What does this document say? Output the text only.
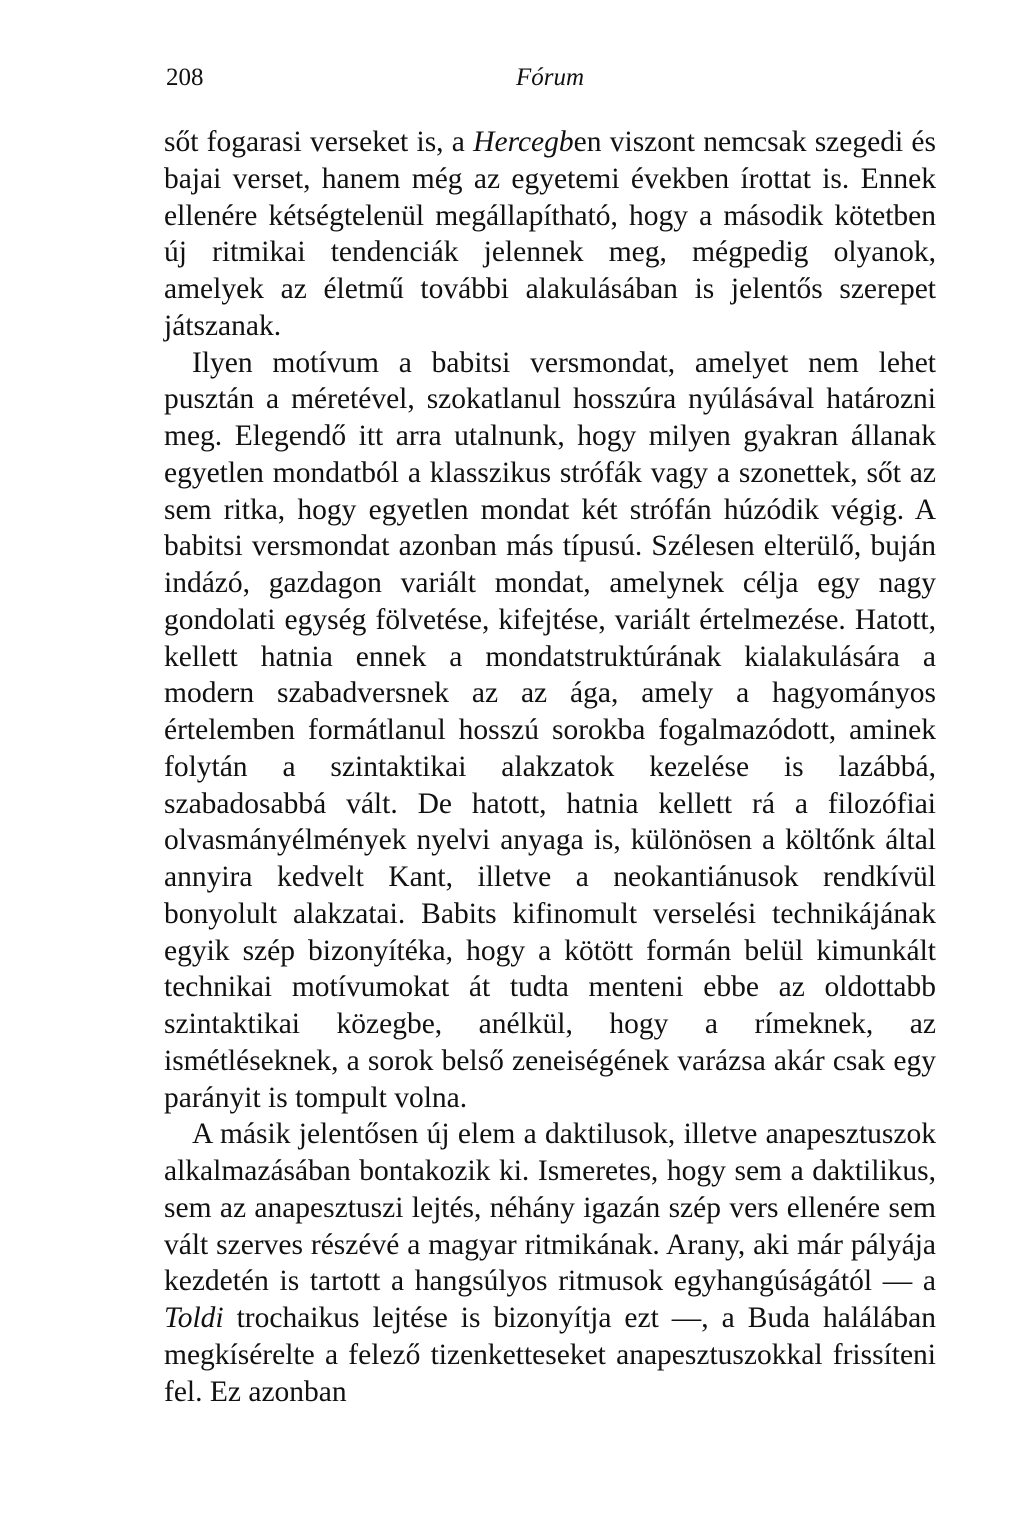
208	Fórum

sőt fogarasi verseket is, a Hercegben viszont nemcsak szegedi és bajai verset, hanem még az egyetemi években írottat is. Ennek ellenére kétségtelenül megállapítható, hogy a második kötetben új ritmikai tendenciák jelennek meg, mégpedig olyanok, amelyek az életmű további alakulásában is jelentős szerepet játszanak.

Ilyen motívum a babitsi versmondat, amelyet nem lehet pusztán a méretével, szokatlanul hosszúra nyúlásával határozni meg. Elegendő itt arra utalnunk, hogy milyen gyakran állanak egyetlen mondatból a klasszikus strófák vagy a szonettek, sőt az sem ritka, hogy egyetlen mondat két strófán húzódik végig. A babitsi versmondat azonban más típusú. Szélesen elterülő, buján indázó, gazdagon variált mondat, amelynek célja egy nagy gondolati egység fölvetése, kifejtése, variált értelmezése. Hatott, kellett hatnia ennek a mondatstruktúrának kialakulására a modern szabadversnek az az ága, amely a hagyományos értelemben formátlanul hosszú sorokba fogalmazódott, aminek folytán a szintaktikai alakzatok kezelése is lazábbá, szabadosabbá vált. De hatott, hatnia kellett rá a filozófiai olvasmányélmények nyelvi anyaga is, különösen a költőnk által annyira kedvelt Kant, illetve a neokantiánusok rendkívül bonyolult alakzatai. Babits kifinomult verselési technikájának egyik szép bizonyítéka, hogy a kötött formán belül kimunkált technikai motívumokat át tudta menteni ebbe az oldottabb szintaktikai közegbe, anélkül, hogy a rímeknek, az ismétléseknek, a sorok belső zeneiségének varázsa akár csak egy parányit is tompult volna.

A másik jelentősen új elem a daktilusok, illetve anapesztuszok alkalmazásában bontakozik ki. Ismeretes, hogy sem a daktilikus, sem az anapesztuszi lejtés, néhány igazán szép vers ellenére sem vált szerves részévé a magyar ritmikának. Arany, aki már pályája kezdetén is tartott a hangsúlyos ritmusok egyhangúságától — a Toldi trochaikus lejtése is bizonyítja ezt —, a Buda halálában megkísérelte a felező tizenketteseket anapesztuszokkal frissíteni fel. Ez azonban
